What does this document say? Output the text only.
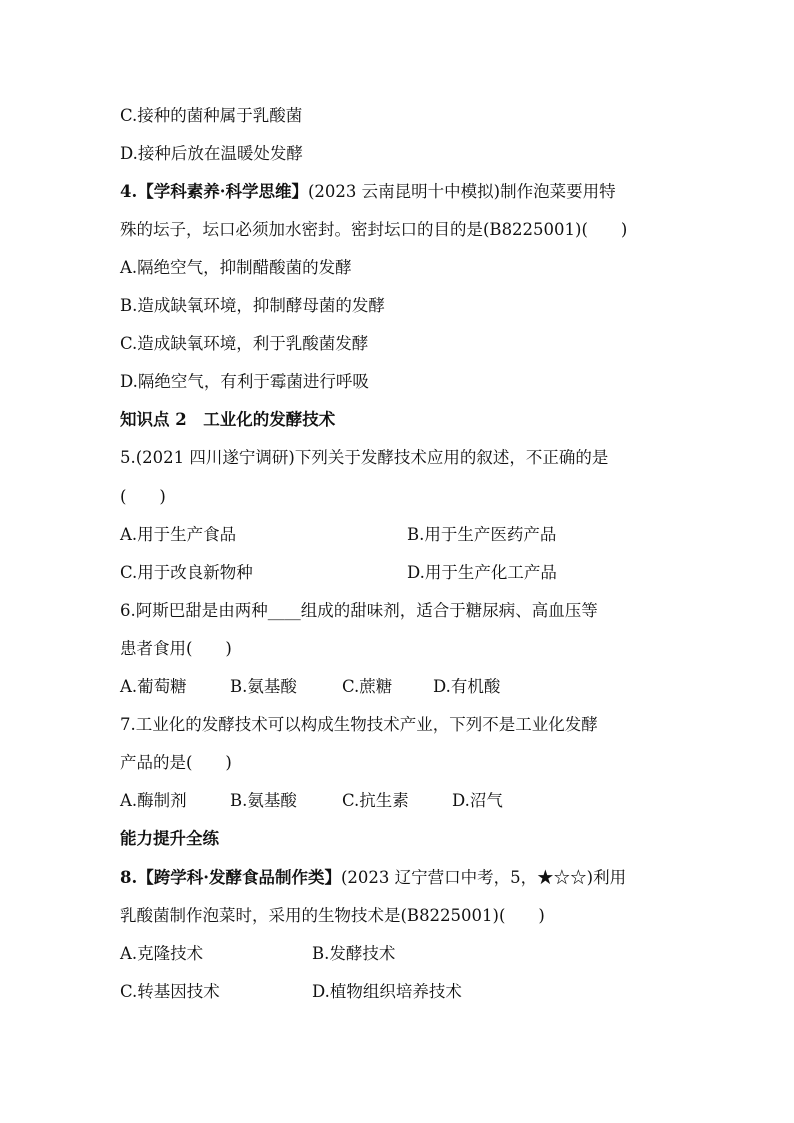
C.接种的菌种属于乳酸菌
D.接种后放在温暖处发酵
4.【学科素养·科学思维】(2023 云南昆明十中模拟)制作泡菜要用特
殊的坛子，坛口必须加水密封。密封坛口的目的是(B8225001)(　　)
A.隔绝空气，抑制醋酸菌的发酵
B.造成缺氧环境，抑制酵母菌的发酵
C.造成缺氧环境，利于乳酸菌发酵
D.隔绝空气，有利于霉菌进行呼吸
知识点 2　工业化的发酵技术
5.(2021 四川遂宁调研)下列关于发酵技术应用的叙述，不正确的是
(　　)
A.用于生产食品	B.用于生产医药产品
C.用于改良新物种	D.用于生产化工产品
6.阿斯巴甜是由两种____组成的甜味剂，适合于糖尿病、高血压等
患者食用(　　)
A.葡萄糖	B.氨基酸	C.蔗糖 D.有机酸
7.工业化的发酵技术可以构成生物技术产业，下列不是工业化发酵
产品的是(　　)
A.酶制剂	B.氨基酸	C.抗生素	D.沼气
能力提升全练
8.【跨学科·发酵食品制作类】(2023 辽宁营口中考，5，★☆☆)利用
乳酸菌制作泡菜时，采用的生物技术是(B8225001)(　　)
A.克隆技术	B.发酵技术
C.转基因技术	D.植物组织培养技术
